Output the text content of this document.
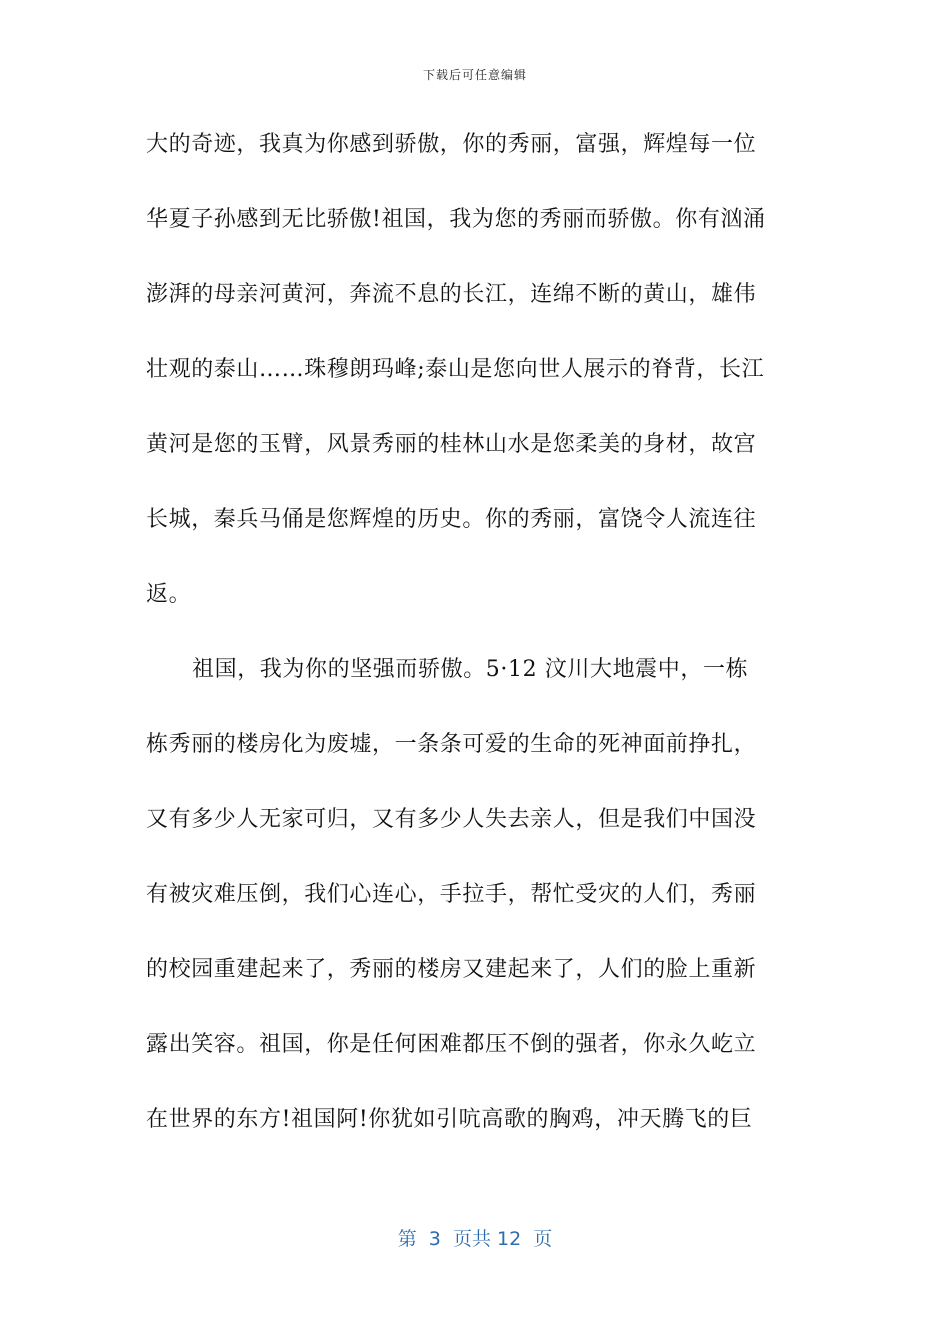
下载后可任意编辑
大的奇迹，我真为你感到骄傲，你的秀丽，富强，辉煌每一位
华夏子孙感到无比骄傲!祖国，我为您的秀丽而骄傲。你有汹涌
澎湃的母亲河黄河，奔流不息的长江，连绵不断的黄山，雄伟
壮观的泰山……珠穆朗玛峰;泰山是您向世人展示的脊背，长江
黄河是您的玉臂，风景秀丽的桂林山水是您柔美的身材，故宫
长城，秦兵马俑是您辉煌的历史。你的秀丽，富饶令人流连往
返。
祖国，我为你的坚强而骄傲。5·12 汶川大地震中，一栋
栋秀丽的楼房化为废墟，一条条可爱的生命的死神面前挣扎，
又有多少人无家可归，又有多少人失去亲人，但是我们中国没
有被灾难压倒，我们心连心，手拉手，帮忙受灾的人们，秀丽
的校园重建起来了，秀丽的楼房又建起来了，人们的脸上重新
露出笑容。祖国，你是任何困难都压不倒的强者，你永久屹立
在世界的东方!祖国阿!你犹如引吭高歌的胸鸡，冲天腾飞的巨
第  3  页共 12  页
